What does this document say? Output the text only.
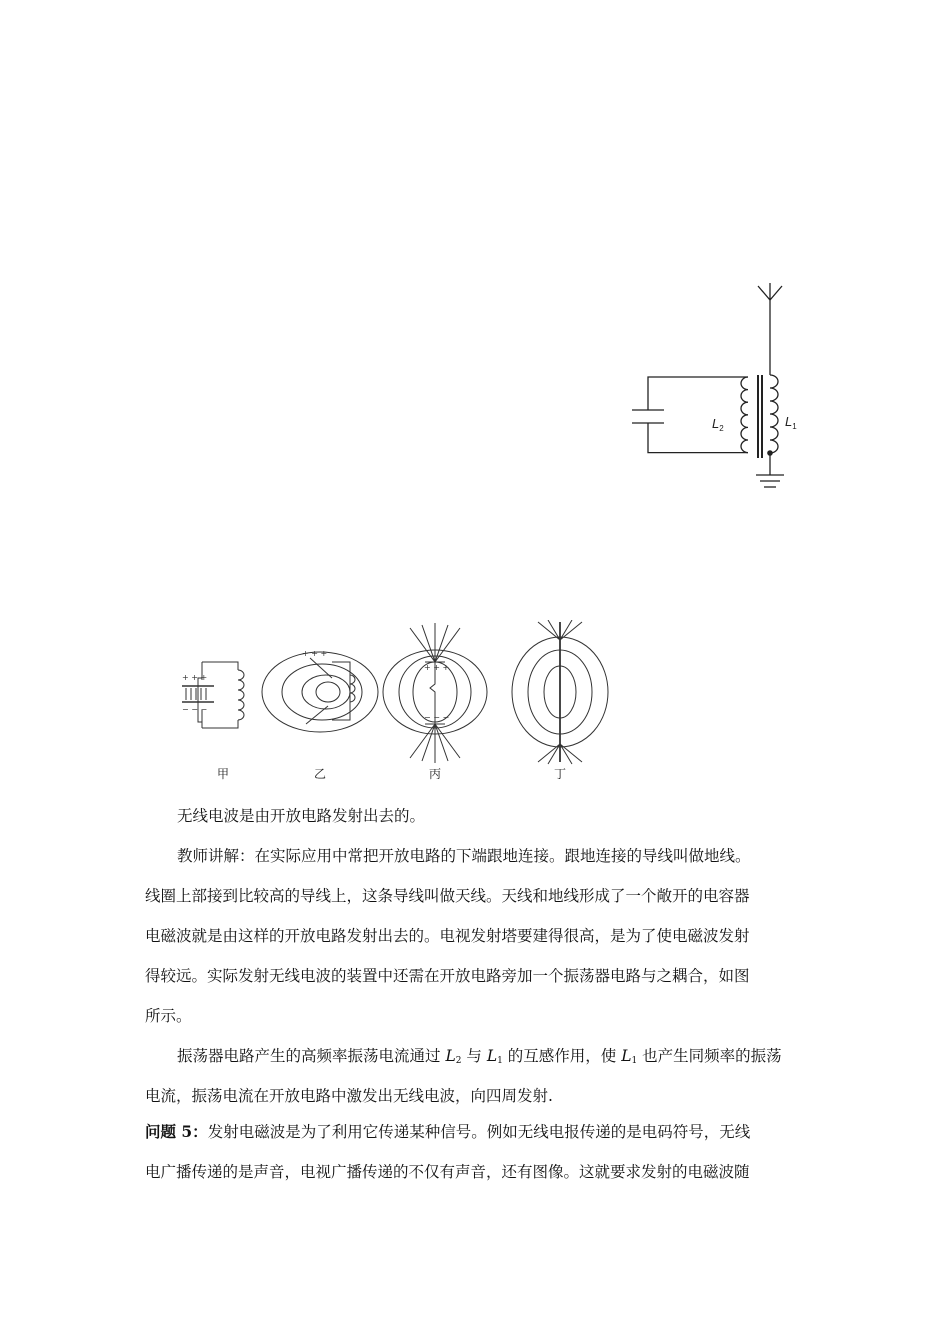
$L_2$	$L_1$
+ + +
− − −
+ + +
+ + +
− − −
甲	乙	丙	丁
无线电波是由开放电路发射出去的。
教师讲解：在实际应用中常把开放电路的下端跟地连接。跟地连接的导线叫做地线。
线圈上部接到比较高的导线上，这条导线叫做天线。天线和地线形成了一个敞开的电容器
电磁波就是由这样的开放电路发射出去的。电视发射塔要建得很高，是为了使电磁波发射
得较远。实际发射无线电波的装置中还需在开放电路旁加一个振荡器电路与之耦合，如图
所示。
振荡器电路产生的高频率振荡电流通过 $L_2$ 与 $L_1$ 的互感作用，使 $L_1$ 也产生同频率的振荡
电流，振荡电流在开放电路中激发出无线电波，向四周发射.
问题 5：发射电磁波是为了利用它传递某种信号。例如无线电报传递的是电码符号，无线
电广播传递的是声音，电视广播传递的不仅有声音，还有图像。这就要求发射的电磁波随
